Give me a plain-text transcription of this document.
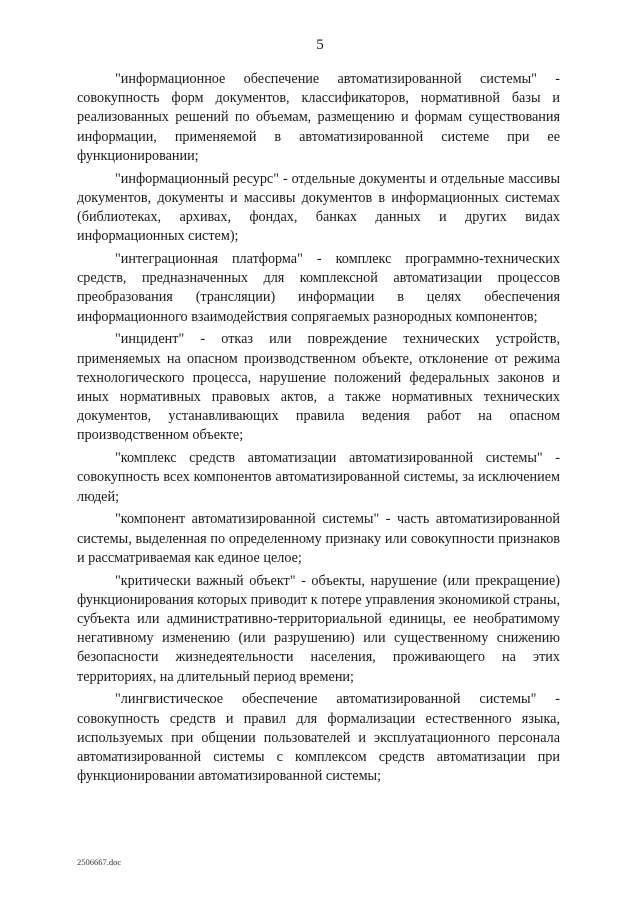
5

"информационное обеспечение автоматизированной системы" - совокупность форм документов, классификаторов, нормативной базы и реализованных решений по объемам, размещению и формам существования информации, применяемой в автоматизированной системе при ее функционировании;

"информационный ресурс" - отдельные документы и отдельные массивы документов, документы и массивы документов в информационных системах (библиотеках, архивах, фондах, банках данных и других видах информационных систем);

"интеграционная платформа" - комплекс программно-технических средств, предназначенных для комплексной автоматизации процессов преобразования (трансляции) информации в целях обеспечения информационного взаимодействия сопрягаемых разнородных компонентов;

"инцидент" - отказ или повреждение технических устройств, применяемых на опасном производственном объекте, отклонение от режима технологического процесса, нарушение положений федеральных законов и иных нормативных правовых актов, а также нормативных технических документов, устанавливающих правила ведения работ на опасном производственном объекте;

"комплекс средств автоматизации автоматизированной системы" - совокупность всех компонентов автоматизированной системы, за исключением людей;

"компонент автоматизированной системы" - часть автоматизированной системы, выделенная по определенному признаку или совокупности признаков и рассматриваемая как единое целое;

"критически важный объект" - объекты, нарушение (или прекращение) функционирования которых приводит к потере управления экономикой страны, субъекта или административно-территориальной единицы, ее необратимому негативному изменению (или разрушению) или существенному снижению безопасности жизнедеятельности населения, проживающего на этих территориях, на длительный период времени;

"лингвистическое обеспечение автоматизированной системы" - совокупность средств и правил для формализации естественного языка, используемых при общении пользователей и эксплуатационного персонала автоматизированной системы с комплексом средств автоматизации при функционировании автоматизированной системы;

2506667.doc
